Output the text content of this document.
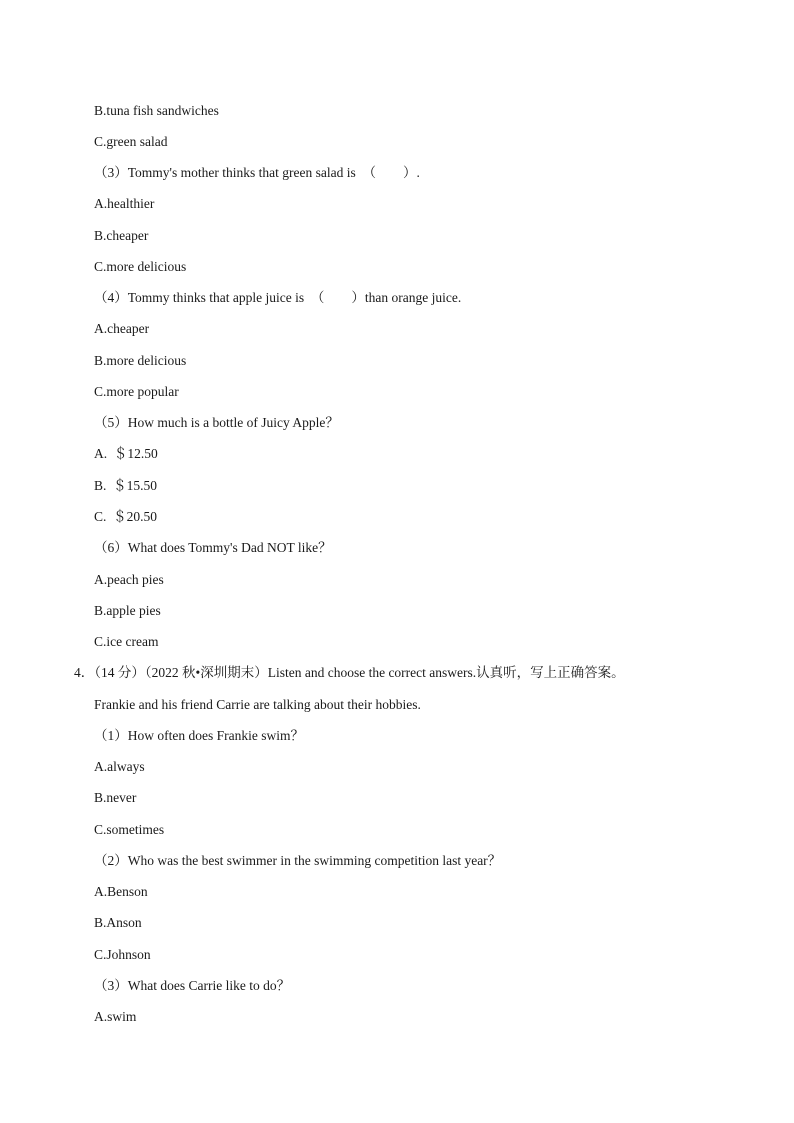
B.tuna fish sandwiches
C.green salad
（3）Tommy's mother thinks that green salad is  （　　）.
A.healthier
B.cheaper
C.more delicious
（4）Tommy thinks that apple juice is  （　　）than orange juice.
A.cheaper
B.more delicious
C.more popular
（5）How much is a bottle of Juicy Apple？
A.  ＄12.50
B.  ＄15.50
C.  ＄20.50
（6）What does Tommy's Dad NOT like？
A.peach pies
B.apple pies
C.ice cream
4．（14 分）（2022 秋•深圳期末）Listen and choose the correct answers.认真听，写上正确答案。
Frankie and his friend Carrie are talking about their hobbies.
（1）How often does Frankie swim？
A.always
B.never
C.sometimes
（2）Who was the best swimmer in the swimming competition last year？
A.Benson
B.Anson
C.Johnson
（3）What does Carrie like to do？
A.swim
